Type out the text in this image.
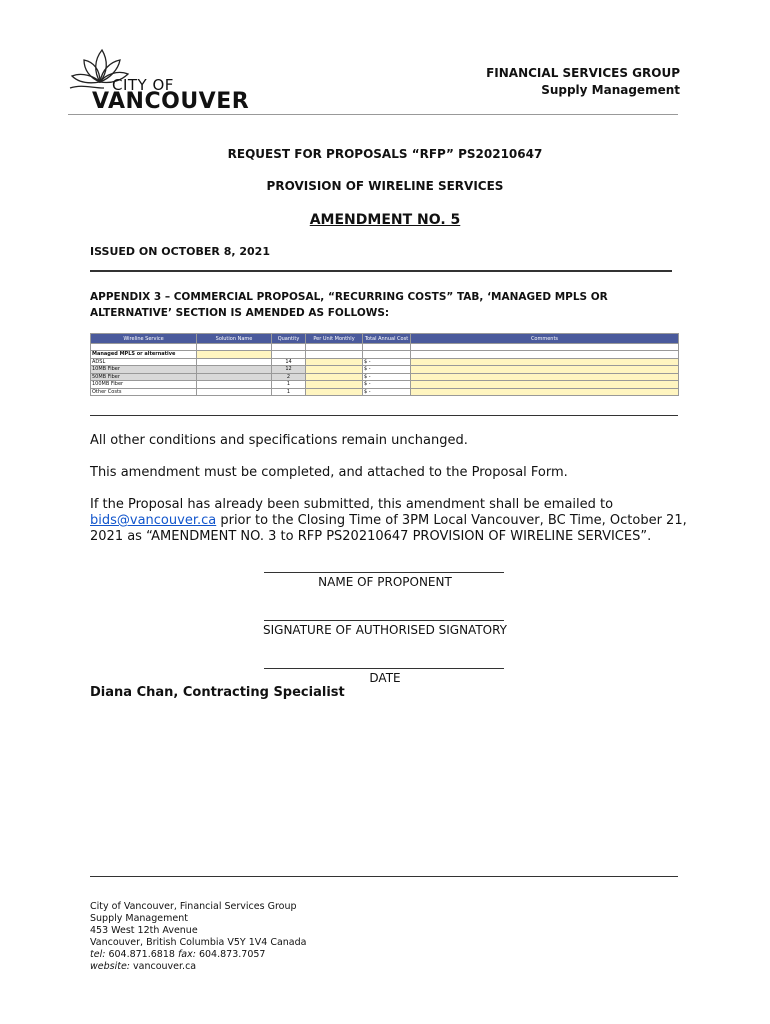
CITY OF
VANCOUVER
FINANCIAL SERVICES GROUP
Supply Management
REQUEST FOR PROPOSALS “RFP” PS20210647
PROVISION OF WIRELINE SERVICES
AMENDMENT NO. 5
ISSUED ON OCTOBER 8, 2021
APPENDIX 3 – COMMERCIAL PROPOSAL, “RECURRING COSTS” TAB, ‘MANAGED MPLS OR ALTERNATIVE’ SECTION IS AMENDED AS FOLLOWS:
Wireline Service	Solution Name	Quantity	Per Unit Monthly	Total Annual Cost	Comments

Managed MPLS or alternative					
ADSL		14		$ -	
10MB Fiber		12		$ -	
50MB Fiber		2		$ -	
100MB Fiber		1		$ -	
Other Costs		1		$ -	
All other conditions and specifications remain unchanged.
This amendment must be completed, and attached to the Proposal Form.
If the Proposal has already been submitted, this amendment shall be emailed to
bids@vancouver.ca prior to the Closing Time of 3PM Local Vancouver, BC Time, October 21,
2021 as “AMENDMENT NO. 3 to RFP PS20210647 PROVISION OF WIRELINE SERVICES”.
NAME OF PROPONENT
SIGNATURE OF AUTHORISED SIGNATORY
DATE
Diana Chan, Contracting Specialist
City of Vancouver, Financial Services Group
Supply Management
453 West 12th Avenue
Vancouver, British Columbia V5Y 1V4 Canada
tel: 604.871.6818 fax: 604.873.7057
website: vancouver.ca
